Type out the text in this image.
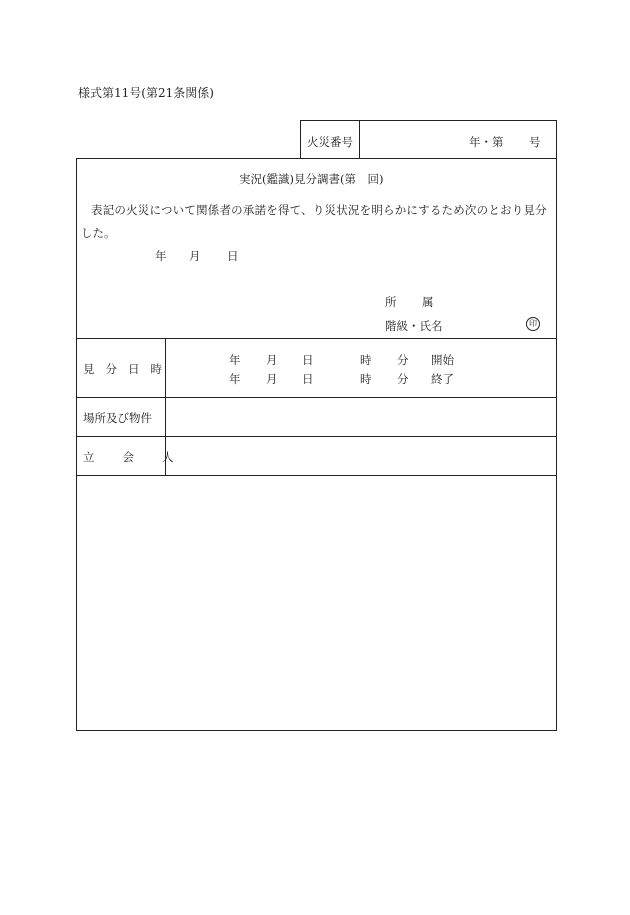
様式第11号(第21条関係)
火災番号	年・第 号
実況(鑑識)見分調書(第　回)
表記の火災について関係者の承諾を得て、り災状況を明らかにするため次のとおり見分
した。
年 月 日
所 属
階級・氏名	印
見分日時
年 月 日	時 分 開始
年 月 日	時 分 終了
場所及び物件
立会人
